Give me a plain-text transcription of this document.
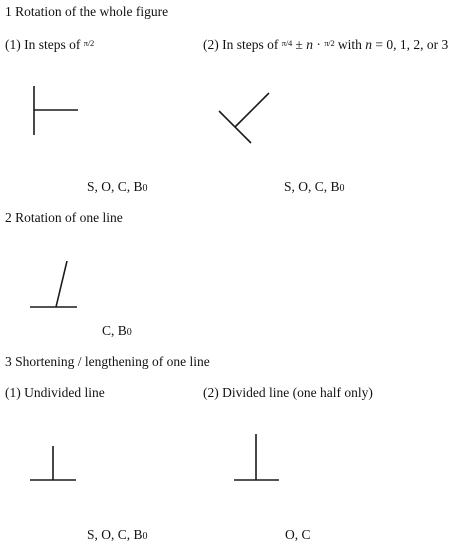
1 Rotation of the whole figure
(1) In steps of $^{\pi/2}$	(2) In steps of $^{\pi/4}$ ± n · $^{\pi/2}$ with n = 0, 1, 2, or 3
S, O, C, B0	S, O, C, B0
2 Rotation of one line
C, B0
3 Shortening / lengthening of one line
(1) Undivided line	(2) Divided line (one half only)
S, O, C, B0	O, C
